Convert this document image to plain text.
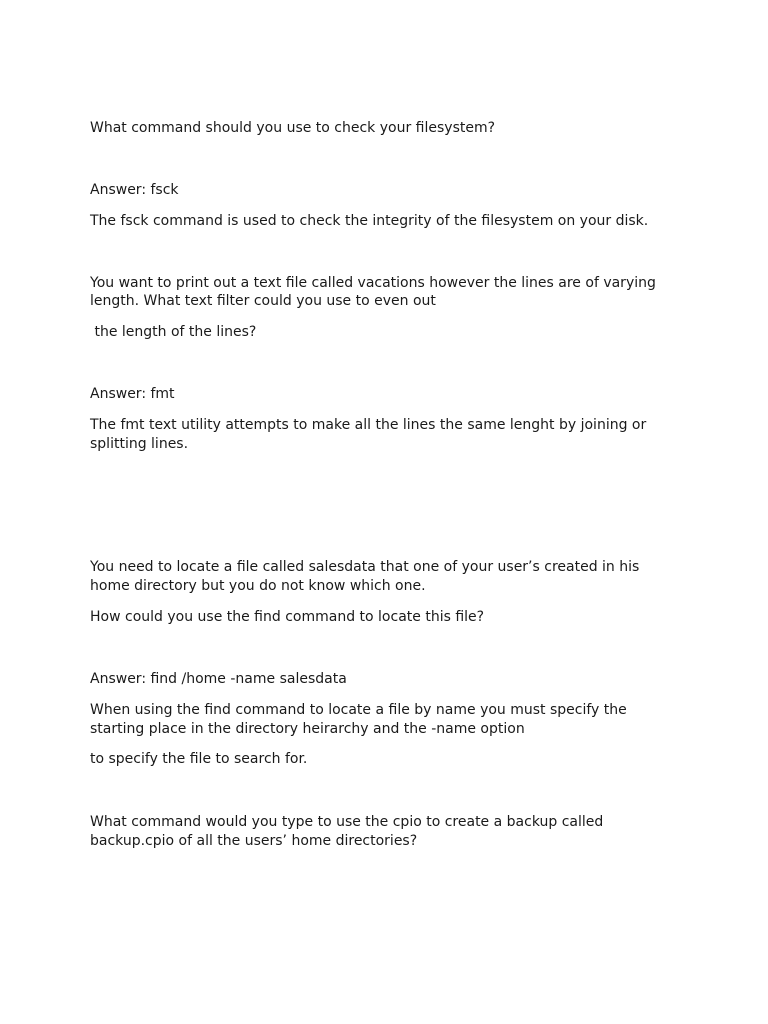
What command should you use to check your filesystem?

Answer: fsck

The fsck command is used to check the integrity of the filesystem on your disk.

You want to print out a text file called vacations however the lines are of varying

length. What text filter could you use to even out

the length of the lines?

Answer: fmt

The fmt text utility attempts to make all the lines the same lenght by joining or

splitting lines.

You need to locate a file called salesdata that one of your user’s created in his

home directory but you do not know which one.

How could you use the find command to locate this file?

Answer: find /home -name salesdata

When using the find command to locate a file by name you must specify the

starting place in the directory heirarchy and the -name option

to specify the file to search for.

What command would you type to use the cpio to create a backup called

backup.cpio of all the users’ home directories?
